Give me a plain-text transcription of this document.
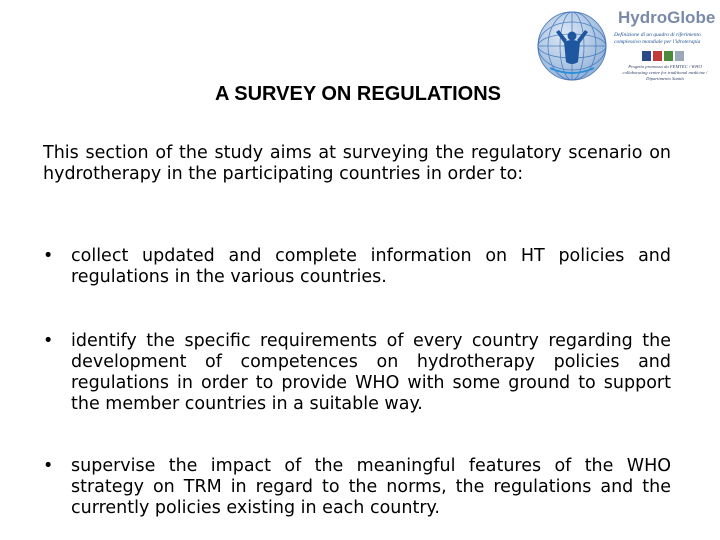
HydroGlobe
Definizione di un quadro di riferimento complessivo mondiale per l'idroterapia
Progetto promosso da FEMTEC / WHO collaborating centre for traditional medicine / Dipartimento Sanità
A SURVEY ON REGULATIONS
This section of the study aims at surveying the regulatory scenario on hydrotherapy in the participating countries in order to:
• collect updated and complete information on HT policies and regulations in the various countries.
• identify the specific requirements of every country regarding the development of competences on hydrotherapy policies and regulations in order to provide WHO with some ground to support the member countries in a suitable way.
• supervise the impact of the meaningful features of the WHO strategy on TRM in regard to the norms, the regulations and the currently policies existing in each country.
